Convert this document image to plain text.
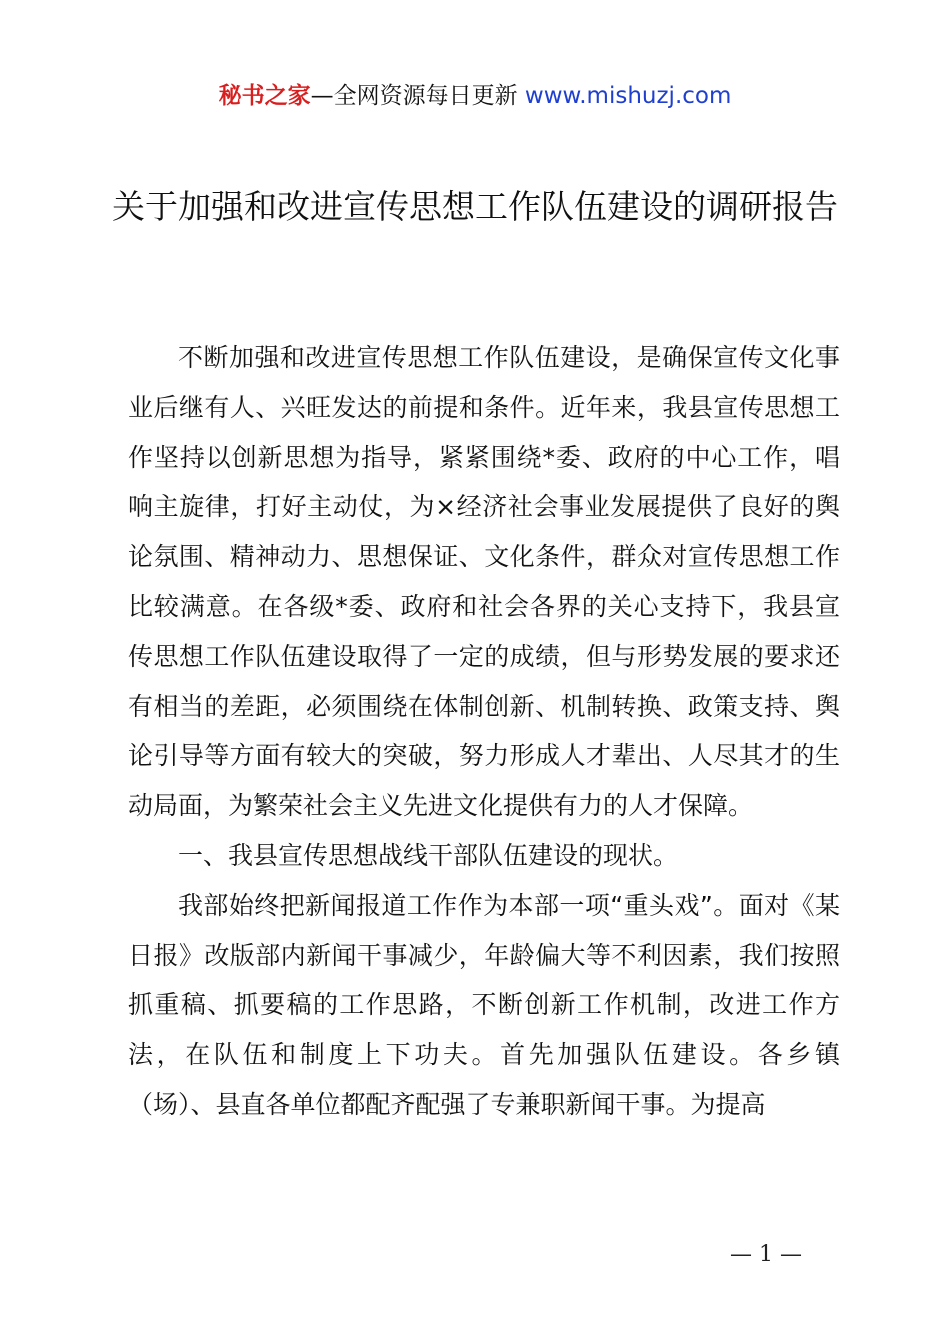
秘书之家—全网资源每日更新 www.mishuzj.com
关于加强和改进宣传思想工作队伍建设的调研报告

不断加强和改进宣传思想工作队伍建设，是确保宣传文化事业后继有人、兴旺发达的前提和条件。近年来，我县宣传思想工作坚持以创新思想为指导，紧紧围绕*委、政府的中心工作，唱响主旋律，打好主动仗，为×经济社会事业发展提供了良好的舆论氛围、精神动力、思想保证、文化条件，群众对宣传思想工作比较满意。在各级*委、政府和社会各界的关心支持下，我县宣传思想工作队伍建设取得了一定的成绩，但与形势发展的要求还有相当的差距，必须围绕在体制创新、机制转换、政策支持、舆论引导等方面有较大的突破，努力形成人才辈出、人尽其才的生动局面，为繁荣社会主义先进文化提供有力的人才保障。

一、我县宣传思想战线干部队伍建设的现状。

我部始终把新闻报道工作作为本部一项“重头戏”。面对《某日报》改版部内新闻干事减少，年龄偏大等不利因素，我们按照抓重稿、抓要稿的工作思路，不断创新工作机制，改进工作方法，在队伍和制度上下功夫。首先加强队伍建设。各乡镇（场）、县直各单位都配齐配强了专兼职新闻干事。为提高

— 1 —
